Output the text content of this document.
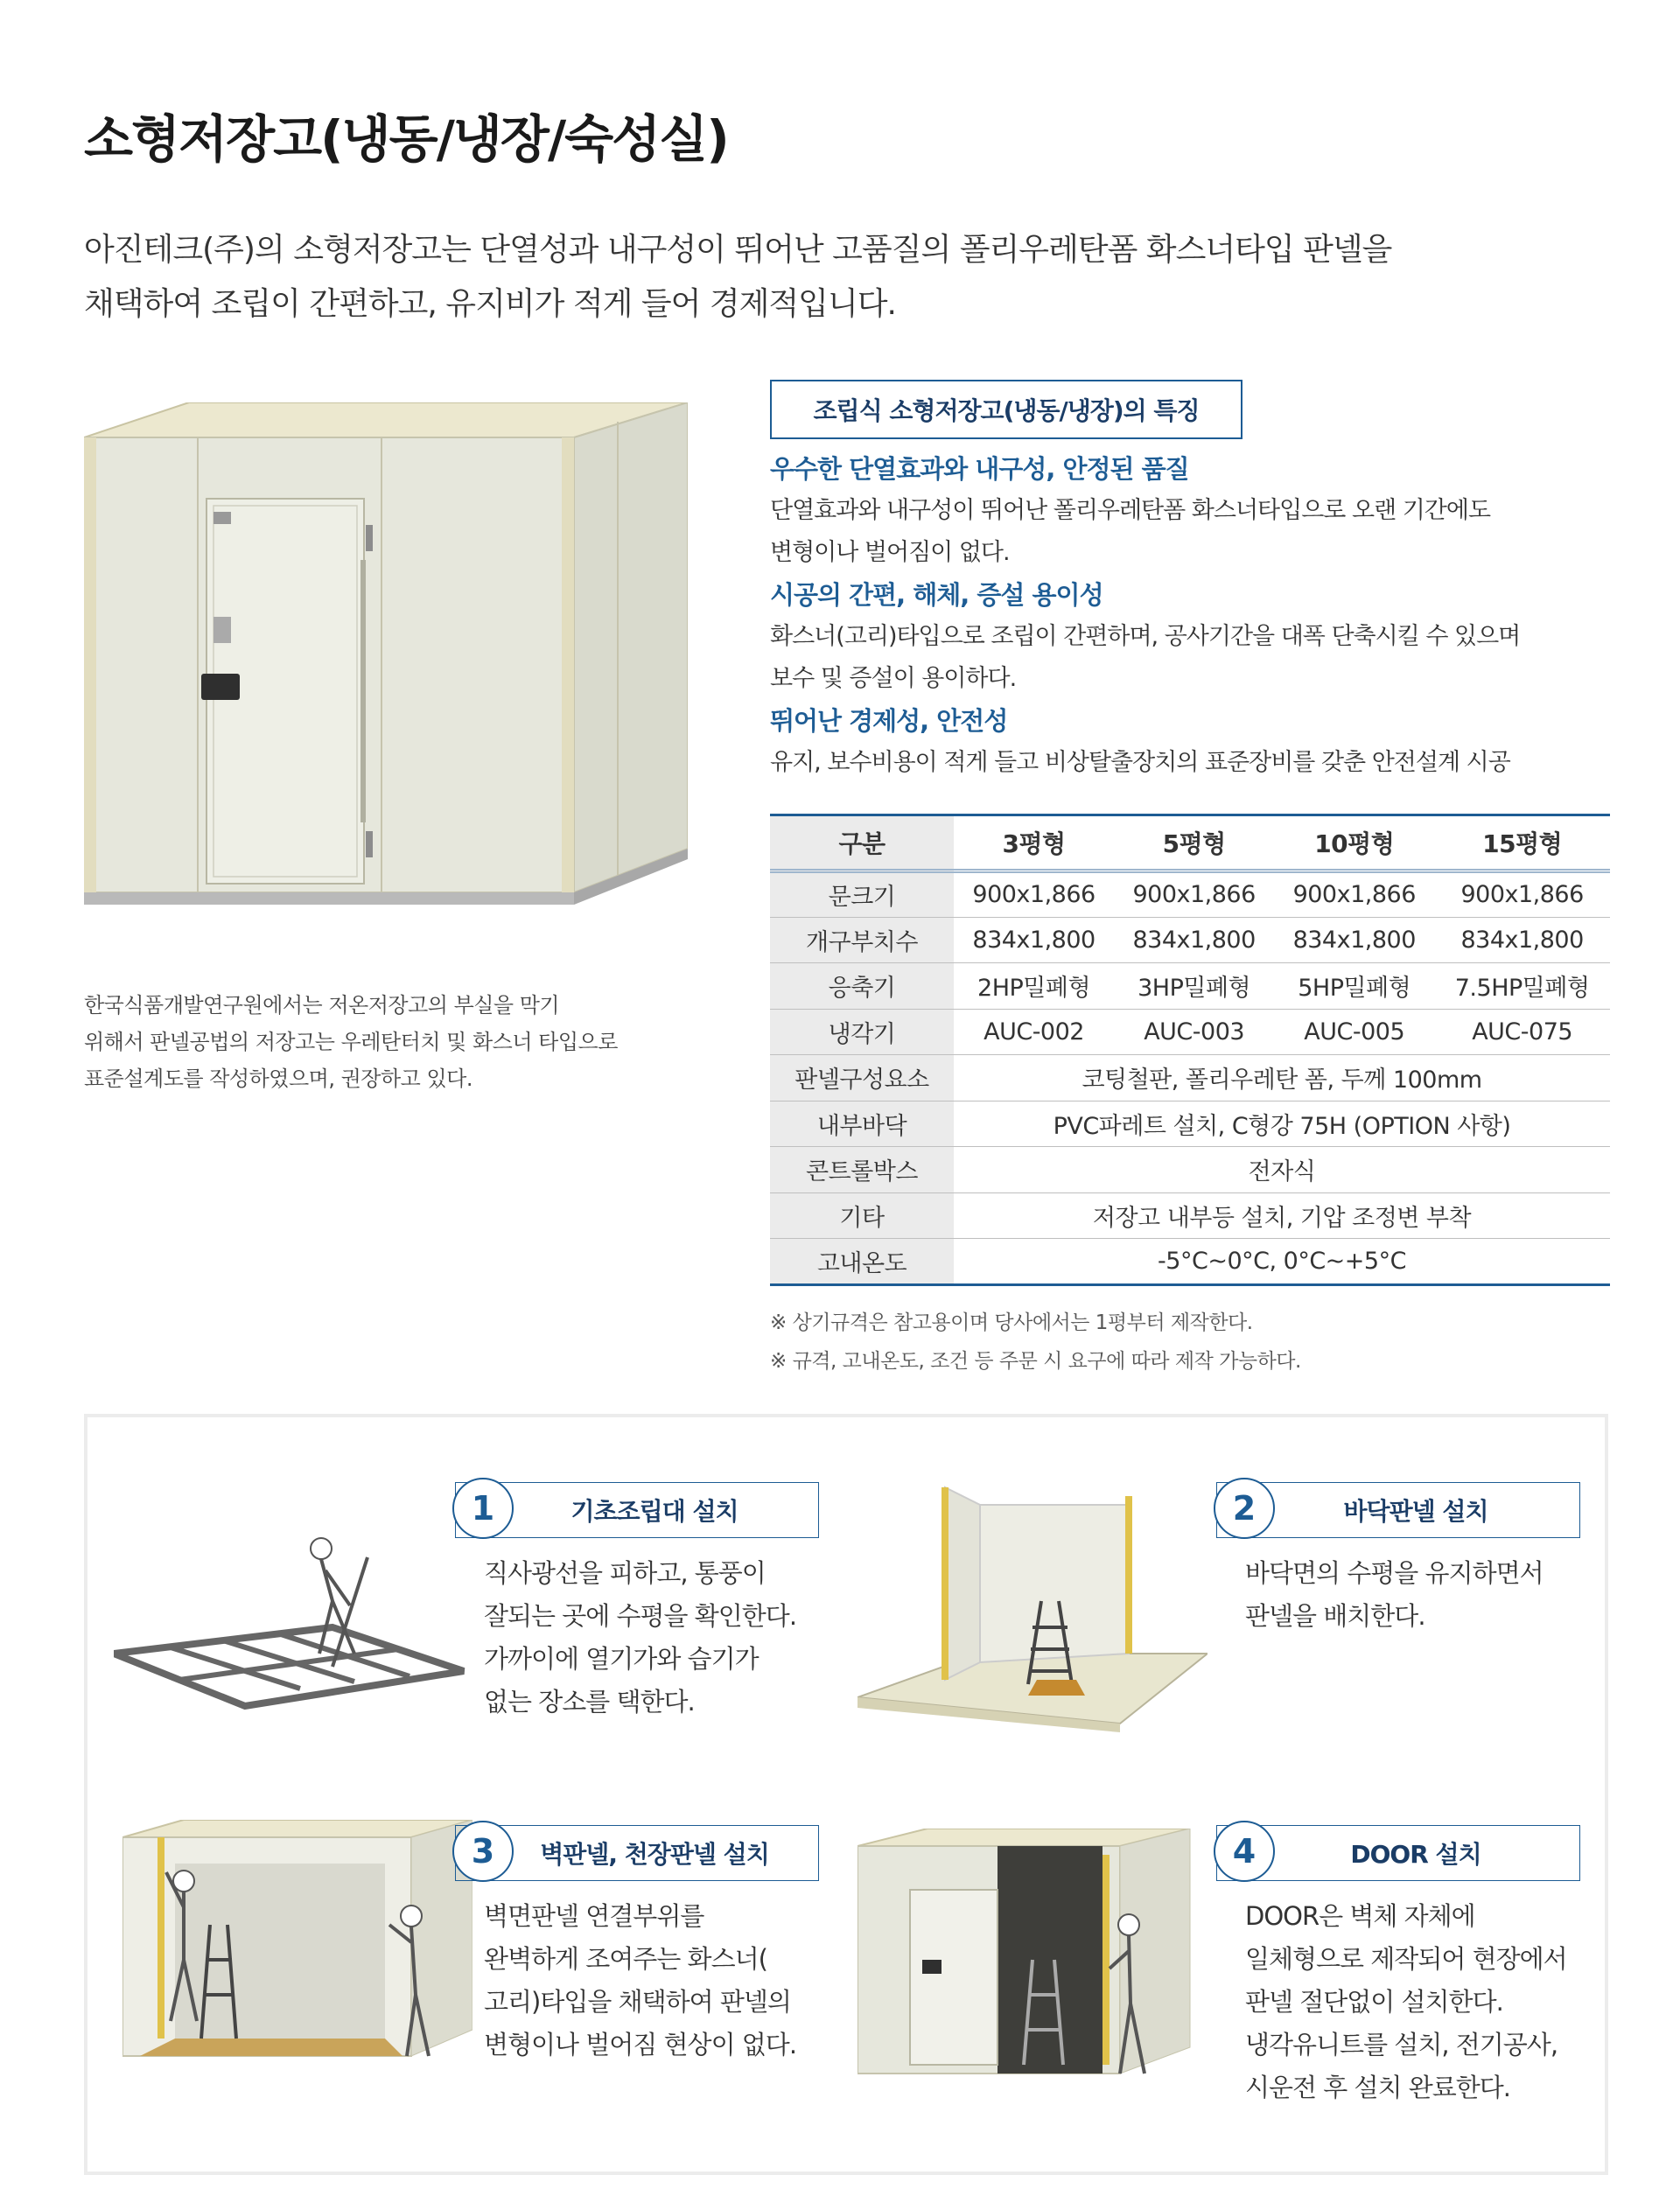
소형저장고(냉동/냉장/숙성실)
아진테크(주)의 소형저장고는 단열성과 내구성이 뛰어난 고품질의 폴리우레탄폼 화스너타입 판넬을
채택하여 조립이 간편하고, 유지비가 적게 들어 경제적입니다.
한국식품개발연구원에서는 저온저장고의 부실을 막기
위해서 판넬공법의 저장고는 우레탄터치 및 화스너 타입으로
표준설계도를 작성하였으며, 권장하고 있다.
조립식 소형저장고(냉동/냉장)의 특징
우수한 단열효과와 내구성, 안정된 품질
단열효과와 내구성이 뛰어난 폴리우레탄폼 화스너타입으로 오랜 기간에도
변형이나 벌어짐이 없다.
시공의 간편, 해체, 증설 용이성
화스너(고리)타입으로 조립이 간편하며, 공사기간을 대폭 단축시킬 수 있으며
보수 및 증설이 용이하다.
뛰어난 경제성, 안전성
유지, 보수비용이 적게 들고 비상탈출장치의 표준장비를 갖춘 안전설계 시공
구분	3평형	5평형	10평형	15평형
문크기	900x1,866	900x1,866	900x1,866	900x1,866
개구부치수	834x1,800	834x1,800	834x1,800	834x1,800
응축기	2HP밀폐형	3HP밀폐형	5HP밀폐형	7.5HP밀폐형
냉각기	AUC-002	AUC-003	AUC-005	AUC-075
판넬구성요소	코팅철판, 폴리우레탄 폼, 두께 100mm			
내부바닥	PVC파레트 설치, C형강 75H (OPTION 사항)			
콘트롤박스	전자식			
기타	저장고 내부등 설치, 기압 조정변 부착			
고내온도	-5°C~0°C, 0°C~+5°C			
※ 상기규격은 참고용이며 당사에서는 1평부터 제작한다.
※ 규격, 고내온도, 조건 등 주문 시 요구에 따라 제작 가능하다.
1	기초조립대 설치
직사광선을 피하고, 통풍이
잘되는 곳에 수평을 확인한다.
가까이에 열기가와 습기가
없는 장소를 택한다.
2	바닥판넬 설치
바닥면의 수평을 유지하면서
판넬을 배치한다.
3	벽판넬, 천장판넬 설치
벽면판넬 연결부위를
완벽하게 조여주는 화스너(
고리)타입을 채택하여 판넬의
변형이나 벌어짐 현상이 없다.
4	DOOR 설치
DOOR은 벽체 자체에
일체형으로 제작되어 현장에서
판넬 절단없이 설치한다.
냉각유니트를 설치, 전기공사,
시운전 후 설치 완료한다.
